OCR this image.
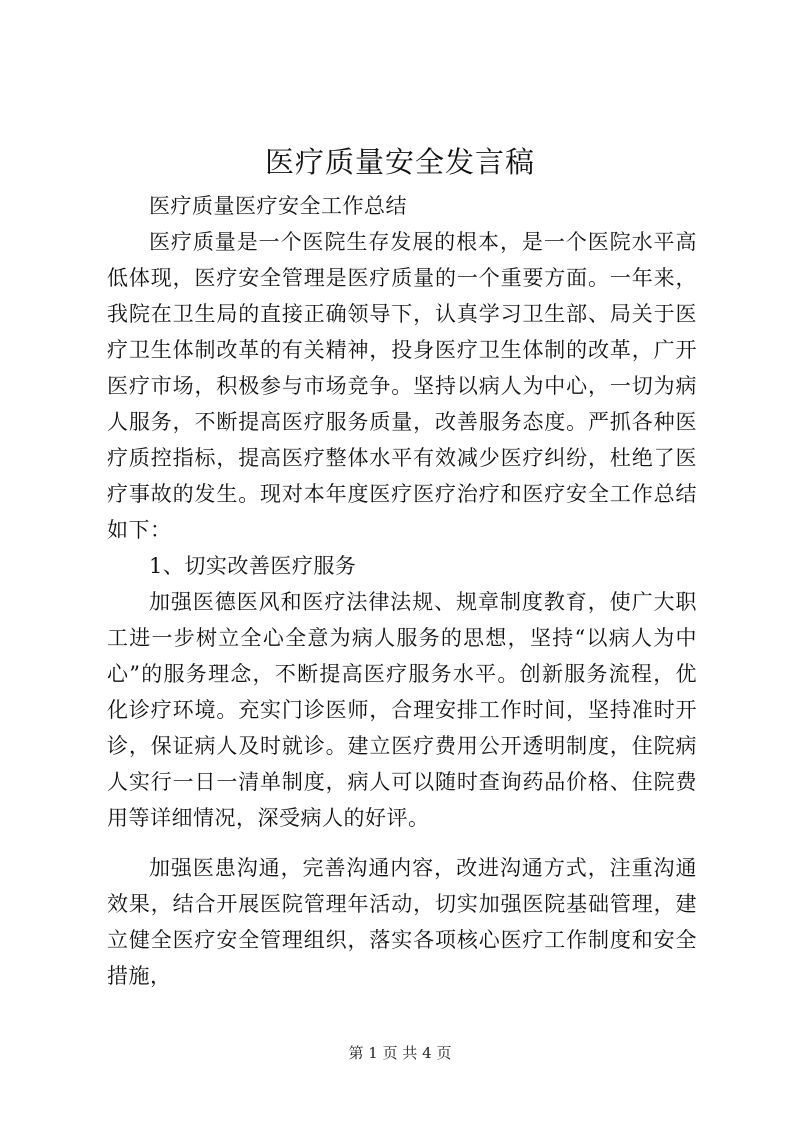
医疗质量安全发言稿

医疗质量医疗安全工作总结

医疗质量是一个医院生存发展的根本，是一个医院水平高低体现，医疗安全管理是医疗质量的一个重要方面。一年来，我院在卫生局的直接正确领导下，认真学习卫生部、局关于医疗卫生体制改革的有关精神，投身医疗卫生体制的改革，广开医疗市场，积极参与市场竞争。坚持以病人为中心，一切为病人服务，不断提高医疗服务质量，改善服务态度。严抓各种医疗质控指标，提高医疗整体水平有效减少医疗纠纷，杜绝了医疗事故的发生。现对本年度医疗医疗治疗和医疗安全工作总结如下：

1、切实改善医疗服务

加强医德医风和医疗法律法规、规章制度教育，使广大职工进一步树立全心全意为病人服务的思想，坚持“以病人为中心”的服务理念，不断提高医疗服务水平。创新服务流程，优化诊疗环境。充实门诊医师，合理安排工作时间，坚持准时开诊，保证病人及时就诊。建立医疗费用公开透明制度，住院病人实行一日一清单制度，病人可以随时查询药品价格、住院费用等详细情况，深受病人的好评。

加强医患沟通，完善沟通内容，改进沟通方式，注重沟通效果，结合开展医院管理年活动，切实加强医院基础管理，建立健全医疗安全管理组织，落实各项核心医疗工作制度和安全措施，

第 1 页 共 4 页
